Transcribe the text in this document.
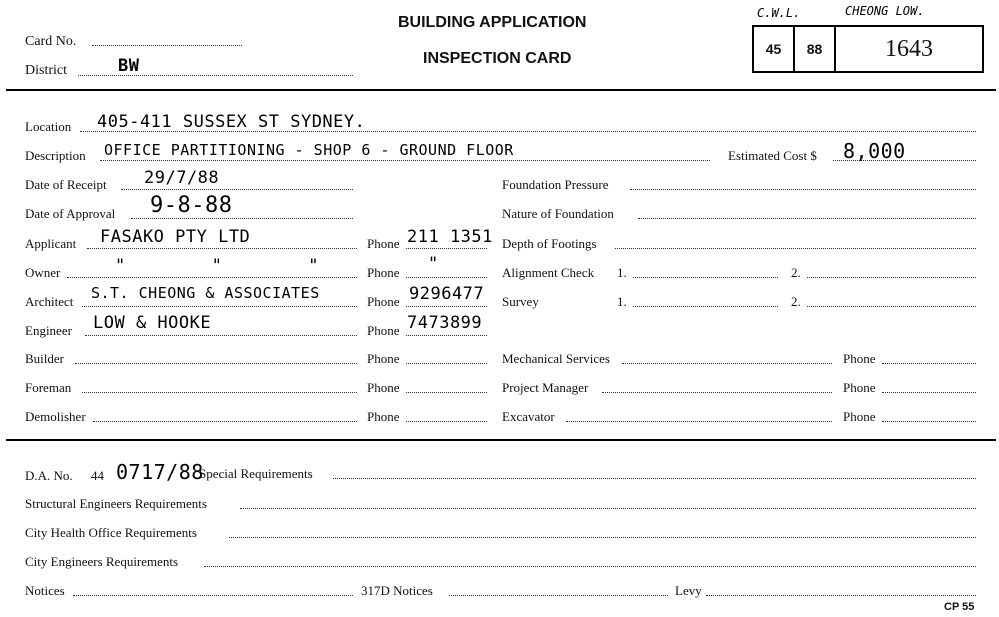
Card No.
District	BW
BUILDING APPLICATION
INSPECTION CARD
C.W.L.	CHEONG LOW.
45	88	1643
Location 405-411 SUSSEX ST SYDNEY.
Description OFFICE PARTITIONING - SHOP 6 - GROUND FLOOR	Estimated Cost $ 8,000
Date of Receipt 29/7/88
Date of Approval 9-8-88
Applicant FASAKO PTY LTD	Phone 211 1351
Owner	"        "        "	Phone "
Architect S.T. CHEONG & ASSOCIATES	Phone 9296477
Engineer LOW & HOOKE	Phone 7473899
Builder	Phone
Foreman	Phone
Demolisher	Phone
Foundation Pressure
Nature of Foundation
Depth of Footings
Alignment Check 1.	2.
Survey	1.	2.
Mechanical Services	Phone
Project Manager	Phone
Excavator	Phone
D.A. No. 44 0717/88
Special Requirements
Structural Engineers Requirements
City Health Office Requirements
City Engineers Requirements
Notices	317D Notices	Levy
CP 55
